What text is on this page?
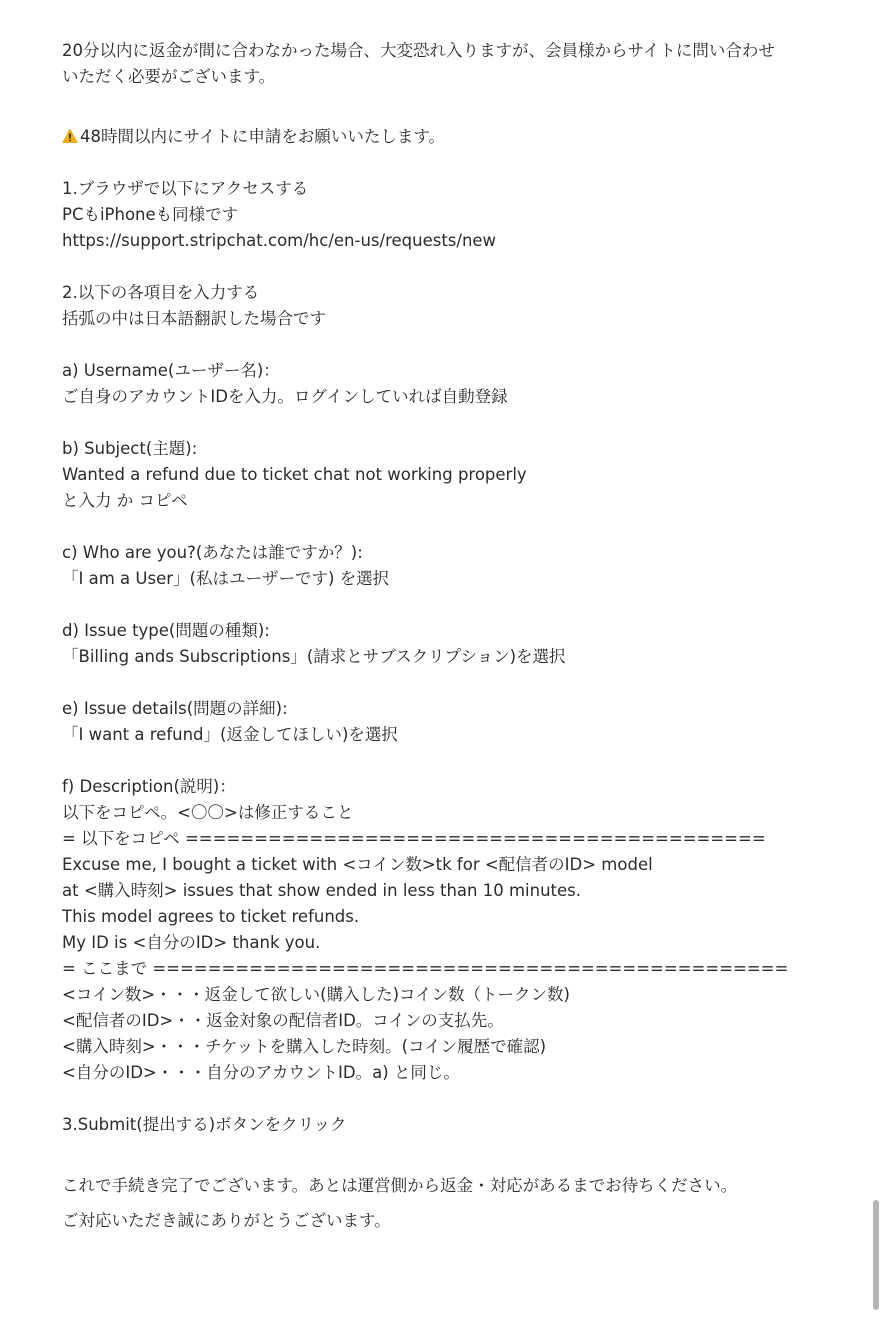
20分以内に返金が間に合わなかった場合、大変恐れ入りますが、会員様からサイトに問い合わせ
いただく必要がございます。
48時間以内にサイトに申請をお願いいたします。
1.ブラウザで以下にアクセスする
PCもiPhoneも同様です
https://support.stripchat.com/hc/en-us/requests/new
2.以下の各項目を入力する
括弧の中は日本語翻訳した場合です
a) Username(ユーザー名)：
ご自身のアカウントIDを入力。ログインしていれば自動登録
b) Subject(主題):
Wanted a refund due to ticket chat not working properly
と入力 か コピペ
c) Who are you?(あなたは誰ですか？):
「I am a User」(私はユーザーです) を選択
d) Issue type(問題の種類):
「Billing ands Subscriptions」(請求とサブスクリプション)を選択
e) Issue details(問題の詳細):
「I want a refund」(返金してほしい)を選択
f) Description(説明)：
以下をコピペ。<〇〇>は修正すること
= 以下をコピペ ==========================================
Excuse me, I bought a ticket with <コイン数>tk for <配信者のID> model
at <購入時刻> issues that show ended in less than 10 minutes.
This model agrees to ticket refunds.
My ID is <自分のID> thank you.
= ここまで ==============================================
<コイン数>・・・返金して欲しい(購入した)コイン数（トークン数)
<配信者のID>・・返金対象の配信者ID。コインの支払先。
<購入時刻>・・・チケットを購入した時刻。(コイン履歴で確認)
<自分のID>・・・自分のアカウントID。a) と同じ。
3.Submit(提出する)ボタンをクリック
これで手続き完了でございます。あとは運営側から返金・対応があるまでお待ちください。
ご対応いただき誠にありがとうございます。
